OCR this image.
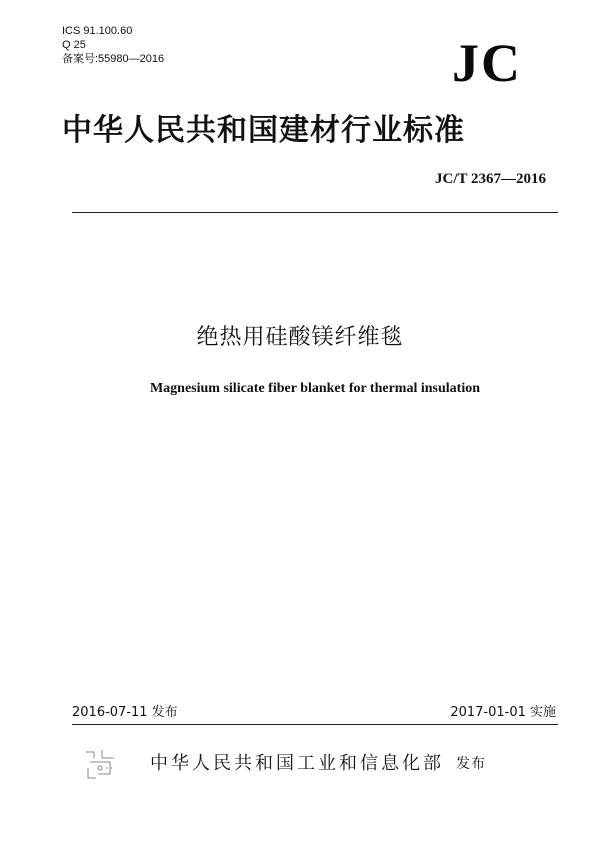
ICS 91.100.60
Q 25
备案号:55980—2016	JC
中华人民共和国建材行业标准
JC/T 2367—2016
绝热用硅酸镁纤维毯
Magnesium silicate fiber blanket for thermal insulation
2016-07-11 发布	2017-01-01 实施
中华人民共和国工业和信息化部 发布
